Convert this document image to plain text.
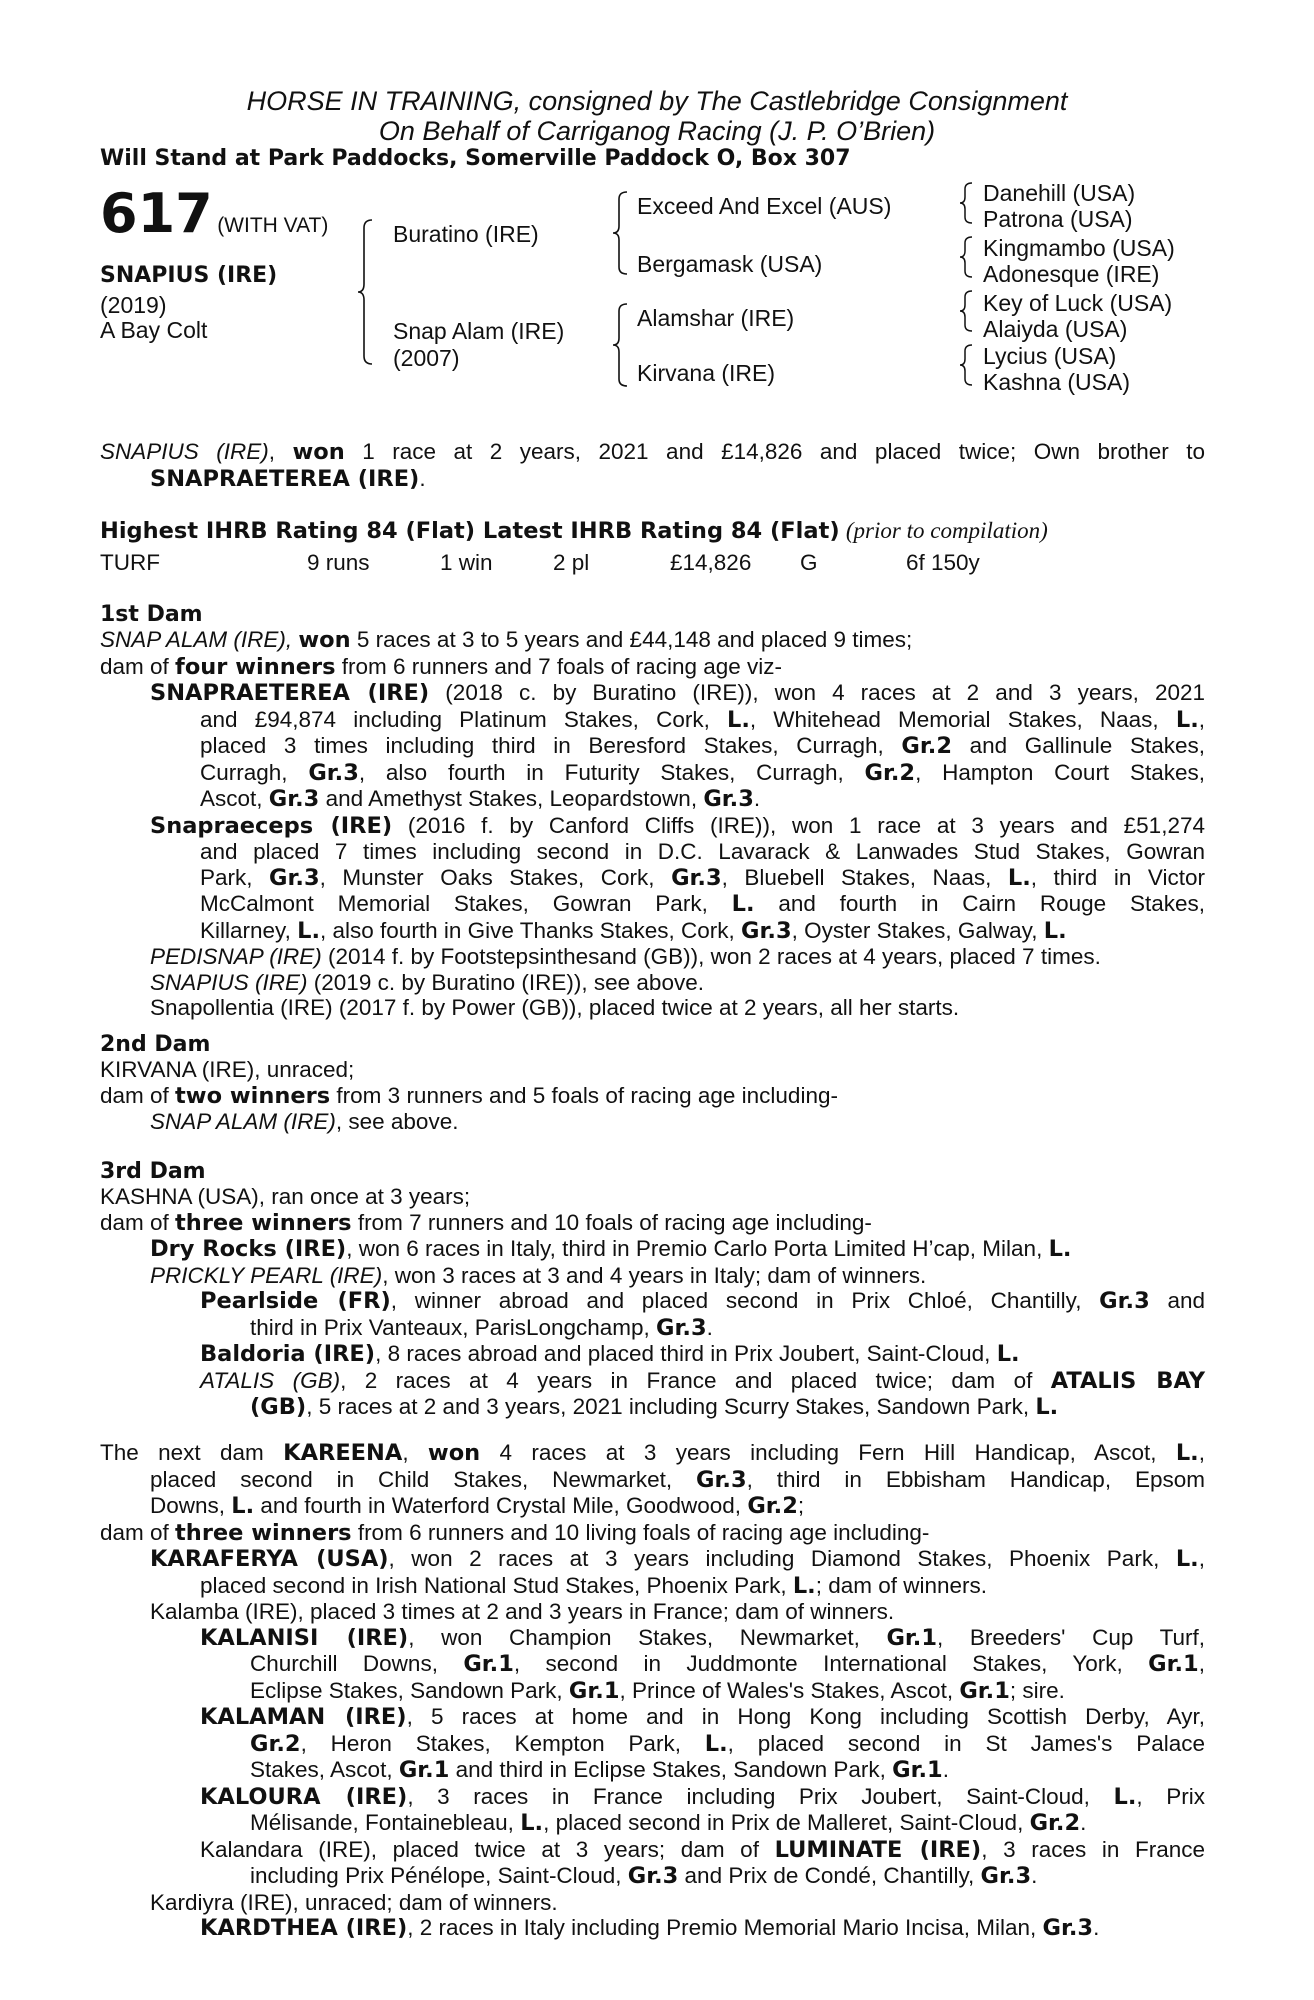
HORSE IN TRAINING, consigned by The Castlebridge Consignment
On Behalf of Carriganog Racing (J. P. O’Brien)
Will Stand at Park Paddocks, Somerville Paddock O, Box 307
617 (WITH VAT)
SNAPIUS (IRE)
(2019)
A Bay Colt
Buratino (IRE)
Snap Alam (IRE)
(2007)
Exceed And Excel (AUS)
Bergamask (USA)
Alamshar (IRE)
Kirvana (IRE)
Danehill (USA)
Patrona (USA)
Kingmambo (USA)
Adonesque (IRE)
Key of Luck (USA)
Alaiyda (USA)
Lycius (USA)
Kashna (USA)
SNAPIUS (IRE), won 1 race at 2 years, 2021 and £14,826 and placed twice; Own brother to
SNAPRAETEREA (IRE).
Highest IHRB Rating 84 (Flat) Latest IHRB Rating 84 (Flat) (prior to compilation)
TURF	9 runs	1 win	2 pl	£14,826 G	6f 150y
1st Dam
SNAP ALAM (IRE), won 5 races at 3 to 5 years and £44,148 and placed 9 times;
dam of four winners from 6 runners and 7 foals of racing age viz-
SNAPRAETEREA (IRE) (2018 c. by Buratino (IRE)), won 4 races at 2 and 3 years, 2021
and £94,874 including Platinum Stakes, Cork, L., Whitehead Memorial Stakes, Naas, L.,
placed 3 times including third in Beresford Stakes, Curragh, Gr.2 and Gallinule Stakes,
Curragh, Gr.3, also fourth in Futurity Stakes, Curragh, Gr.2, Hampton Court Stakes,
Ascot, Gr.3 and Amethyst Stakes, Leopardstown, Gr.3.
Snapraeceps (IRE) (2016 f. by Canford Cliffs (IRE)), won 1 race at 3 years and £51,274
and placed 7 times including second in D.C. Lavarack & Lanwades Stud Stakes, Gowran
Park, Gr.3, Munster Oaks Stakes, Cork, Gr.3, Bluebell Stakes, Naas, L., third in Victor
McCalmont Memorial Stakes, Gowran Park, L. and fourth in Cairn Rouge Stakes,
Killarney, L., also fourth in Give Thanks Stakes, Cork, Gr.3, Oyster Stakes, Galway, L.
PEDISNAP (IRE) (2014 f. by Footstepsinthesand (GB)), won 2 races at 4 years, placed 7 times.
SNAPIUS (IRE) (2019 c. by Buratino (IRE)), see above.
Snapollentia (IRE) (2017 f. by Power (GB)), placed twice at 2 years, all her starts.
2nd Dam
KIRVANA (IRE), unraced;
dam of two winners from 3 runners and 5 foals of racing age including-
SNAP ALAM (IRE), see above.
3rd Dam
KASHNA (USA), ran once at 3 years;
dam of three winners from 7 runners and 10 foals of racing age including-
Dry Rocks (IRE), won 6 races in Italy, third in Premio Carlo Porta Limited H’cap, Milan, L.
PRICKLY PEARL (IRE), won 3 races at 3 and 4 years in Italy; dam of winners.
Pearlside (FR), winner abroad and placed second in Prix Chloé, Chantilly, Gr.3 and
third in Prix Vanteaux, ParisLongchamp, Gr.3.
Baldoria (IRE), 8 races abroad and placed third in Prix Joubert, Saint-Cloud, L.
ATALIS (GB), 2 races at 4 years in France and placed twice; dam of ATALIS BAY
(GB), 5 races at 2 and 3 years, 2021 including Scurry Stakes, Sandown Park, L.
The next dam KAREENA, won 4 races at 3 years including Fern Hill Handicap, Ascot, L.,
placed second in Child Stakes, Newmarket, Gr.3, third in Ebbisham Handicap, Epsom
Downs, L. and fourth in Waterford Crystal Mile, Goodwood, Gr.2;
dam of three winners from 6 runners and 10 living foals of racing age including-
KARAFERYA (USA), won 2 races at 3 years including Diamond Stakes, Phoenix Park, L.,
placed second in Irish National Stud Stakes, Phoenix Park, L.; dam of winners.
Kalamba (IRE), placed 3 times at 2 and 3 years in France; dam of winners.
KALANISI (IRE), won Champion Stakes, Newmarket, Gr.1, Breeders' Cup Turf,
Churchill Downs, Gr.1, second in Juddmonte International Stakes, York, Gr.1,
Eclipse Stakes, Sandown Park, Gr.1, Prince of Wales's Stakes, Ascot, Gr.1; sire.
KALAMAN (IRE), 5 races at home and in Hong Kong including Scottish Derby, Ayr,
Gr.2, Heron Stakes, Kempton Park, L., placed second in St James's Palace
Stakes, Ascot, Gr.1 and third in Eclipse Stakes, Sandown Park, Gr.1.
KALOURA (IRE), 3 races in France including Prix Joubert, Saint-Cloud, L., Prix
Mélisande, Fontainebleau, L., placed second in Prix de Malleret, Saint-Cloud, Gr.2.
Kalandara (IRE), placed twice at 3 years; dam of LUMINATE (IRE), 3 races in France
including Prix Pénélope, Saint-Cloud, Gr.3 and Prix de Condé, Chantilly, Gr.3.
Kardiyra (IRE), unraced; dam of winners.
KARDTHEA (IRE), 2 races in Italy including Premio Memorial Mario Incisa, Milan, Gr.3.
